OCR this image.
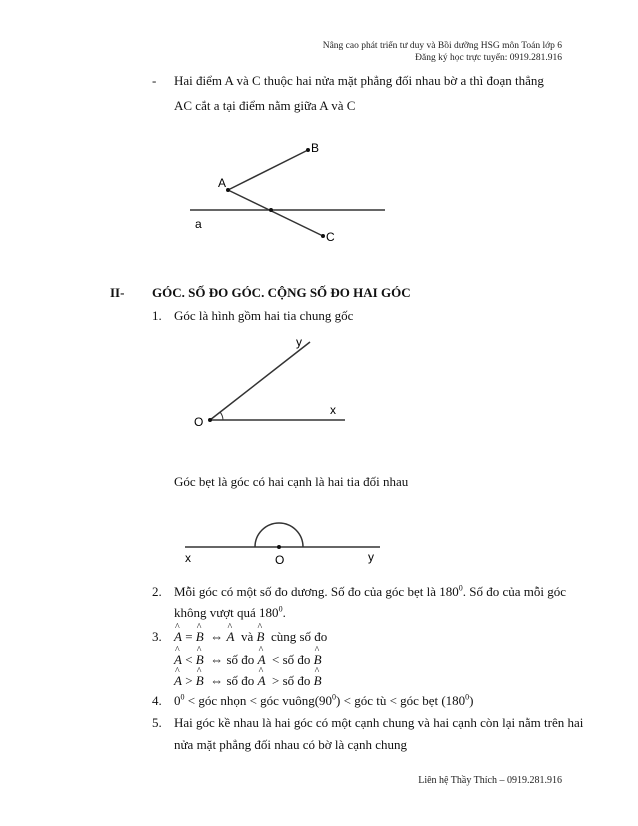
Nâng cao phát triển tư duy và Bồi dưỡng HSG môn Toán lớp 6
Đăng ký học trực tuyến: 0919.281.916
- Hai điểm A và C thuộc hai nửa mặt phẳng đối nhau bờ a thì đoạn thẳng
AC cắt a tại điểm nằm giữa A và C
A
B
C
a
II- GÓC. SỐ ĐO GÓC. CỘNG SỐ ĐO HAI GÓC
1. Góc là hình gồm hai tia chung gốc
O
x
y
Góc bẹt là góc có hai cạnh là hai tia đối nhau
x	O	y
2. Mỗi góc có một số đo dương. Số đo của góc bẹt là $180^0$. Số đo của mỗi góc
không vượt quá $180^0$.
3. ^ A = ^ B ⇔ ^ A và ^ B cùng số đo
^ A < ^ B ⇔ số đo ^ A < số đo ^ B
^ A > ^ B ⇔ số đo ^ A > số đo ^ B
4. $0^0$ < góc nhọn < góc $vuông(90^0)$ < góc tù < góc bẹt $(180^0)$
5. Hai góc kề nhau là hai góc có một cạnh chung và hai cạnh còn lại nằm trên hai
nửa mặt phẳng đối nhau có bờ là cạnh chung
Liên hệ Thầy Thích – 0919.281.916
